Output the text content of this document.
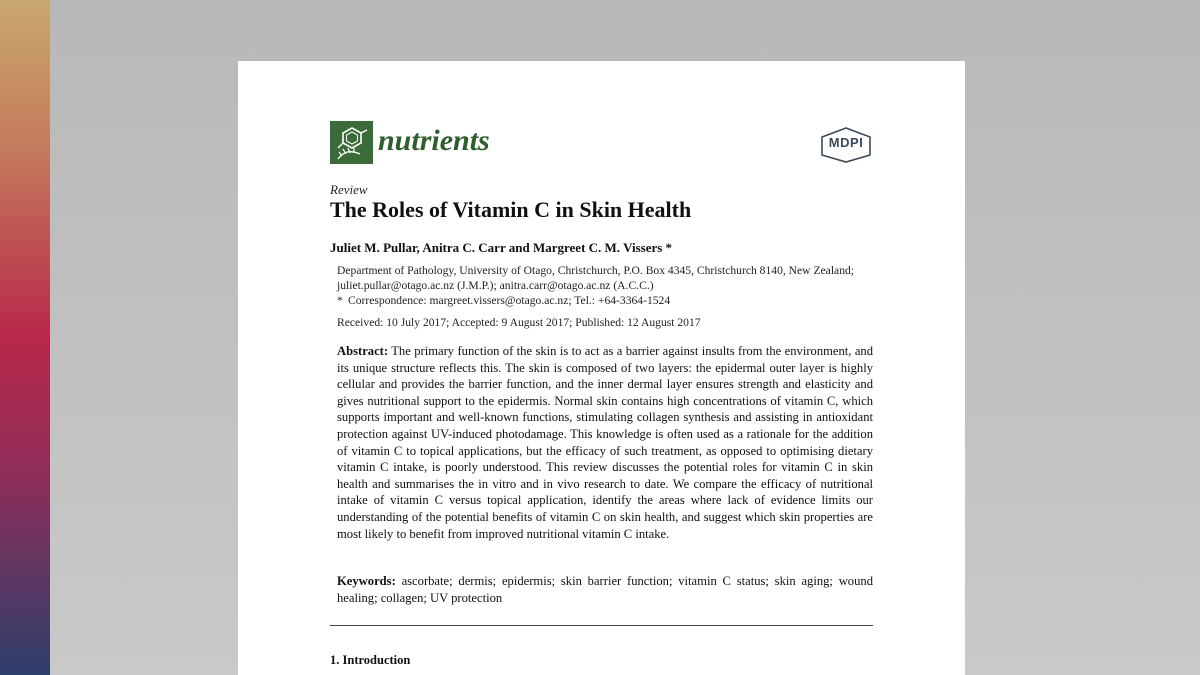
nutrients	MDPI
Review
The Roles of Vitamin C in Skin Health
Juliet M. Pullar, Anitra C. Carr and Margreet C. M. Vissers *
Department of Pathology, University of Otago, Christchurch, P.O. Box 4345, Christchurch 8140, New Zealand;
juliet.pullar@otago.ac.nz (J.M.P.); anitra.carr@otago.ac.nz (A.C.C.)
* Correspondence: margreet.vissers@otago.ac.nz; Tel.: +64-3364-1524
Received: 10 July 2017; Accepted: 9 August 2017; Published: 12 August 2017
Abstract: The primary function of the skin is to act as a barrier against insults from the environment, and its unique structure reflects this. The skin is composed of two layers: the epidermal outer layer is highly cellular and provides the barrier function, and the inner dermal layer ensures strength and elasticity and gives nutritional support to the epidermis. Normal skin contains high concentrations of vitamin C, which supports important and well-known functions, stimulating collagen synthesis and assisting in antioxidant protection against UV-induced photodamage. This knowledge is often used as a rationale for the addition of vitamin C to topical applications, but the efficacy of such treatment, as opposed to optimising dietary vitamin C intake, is poorly understood. This review discusses the potential roles for vitamin C in skin health and summarises the in vitro and in vivo research to date. We compare the efficacy of nutritional intake of vitamin C versus topical application, identify the areas where lack of evidence limits our understanding of the potential benefits of vitamin C on skin health, and suggest which skin properties are most likely to benefit from improved nutritional vitamin C intake.
Keywords: ascorbate; dermis; epidermis; skin barrier function; vitamin C status; skin aging; wound healing; collagen; UV protection
1. Introduction
